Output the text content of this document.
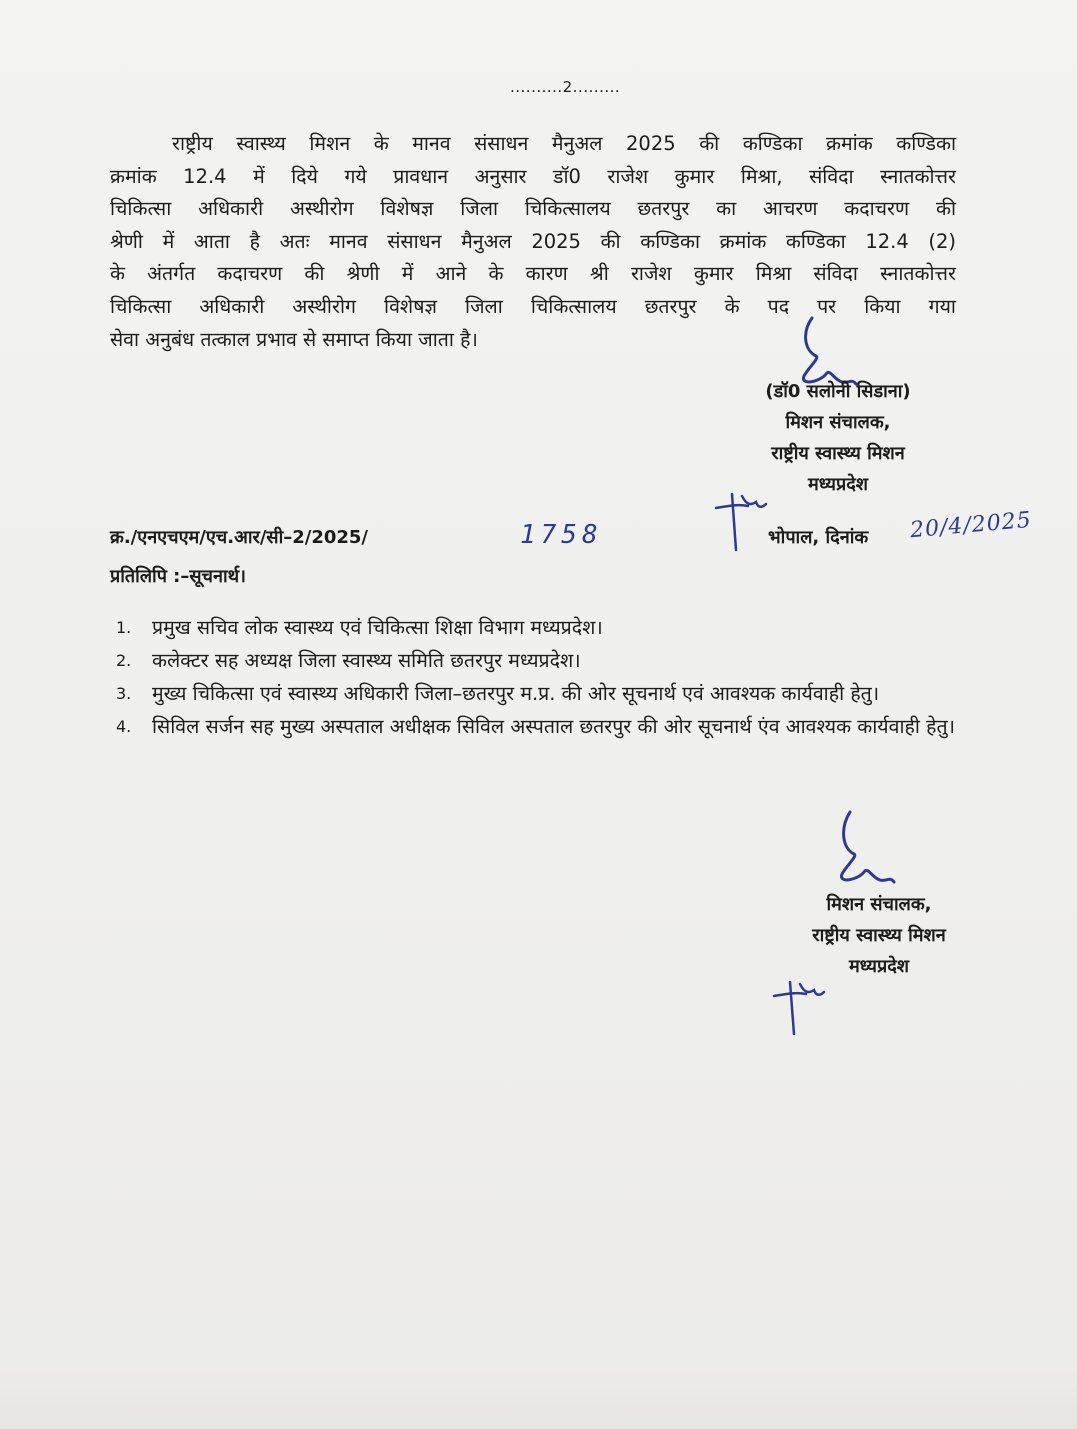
..........2.........
राष्ट्रीय स्वास्थ्य मिशन के मानव संसाधन मैनुअल 2025 की कण्डिका क्रमांक कण्डिका
क्रमांक 12.4 में दिये गये प्रावधान अनुसार डॉ0 राजेश कुमार मिश्रा, संविदा स्नातकोत्तर
चिकित्सा अधिकारी अस्थीरोग विशेषज्ञ जिला चिकित्सालय छतरपुर का आचरण कदाचरण की
श्रेणी में आता है अतः मानव संसाधन मैनुअल 2025 की कण्डिका क्रमांक कण्डिका 12.4 (2)
के अंतर्गत कदाचरण की श्रेणी में आने के कारण श्री राजेश कुमार मिश्रा संविदा स्नातकोत्तर
चिकित्सा अधिकारी अस्थीरोग विशेषज्ञ जिला चिकित्सालय छतरपुर के पद पर किया गया
सेवा अनुबंध तत्काल प्रभाव से समाप्त किया जाता है।
(डॉ0 सलोनी सिडाना)
मिशन संचालक,
राष्ट्रीय स्वास्थ्य मिशन
मध्यप्रदेश
क्र./एनएचएम/एच.आर/सी–2/2025/	1758	भोपाल, दिनांक 20/4/2025
प्रतिलिपि :–सूचनार्थ।
1. प्रमुख सचिव लोक स्वास्थ्य एवं चिकित्सा शिक्षा विभाग मध्यप्रदेश।
2. कलेक्टर सह अध्यक्ष जिला स्वास्थ्य समिति छतरपुर मध्यप्रदेश।
3. मुख्य चिकित्सा एवं स्वास्थ्य अधिकारी जिला–छतरपुर म.प्र. की ओर सूचनार्थ एवं आवश्यक कार्यवाही हेतु।
4. सिविल सर्जन सह मुख्य अस्पताल अधीक्षक सिविल अस्पताल छतरपुर की ओर सूचनार्थ एंव आवश्यक कार्यवाही हेतु।
मिशन संचालक,
राष्ट्रीय स्वास्थ्य मिशन
मध्यप्रदेश
